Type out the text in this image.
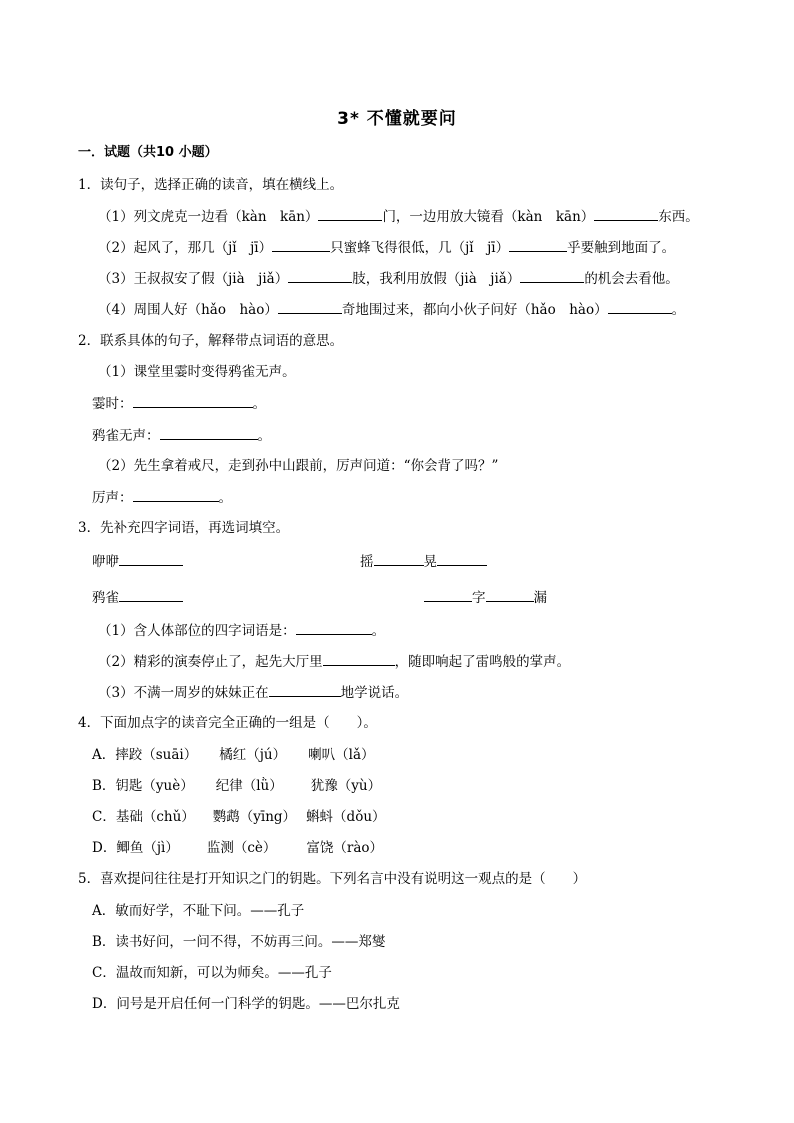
3* 不懂就要问
一．试题（共10 小题）
1．读句子，选择正确的读音，填在横线上。
（1）列文虎克一边看（kàn　kān）	门，一边用放大镜看（kàn　kān）	东西。
（2）起风了，那几（jǐ　jī）	只蜜蜂飞得很低，几（jǐ　jī）	乎要触到地面了。
（3）王叔叔安了假（jià　jiǎ）	肢，我利用放假（jià　jiǎ）	的机会去看他。
（4）周围人好（hǎo　hào）	奇地围过来，都向小伙子问好（hǎo　hào）	。
2．联系具体的句子，解释带点词语的意思。
（1）课堂里霎时变得鸦雀无声。
霎时：	。
鸦雀无声：	。
（2）先生拿着戒尺，走到孙中山跟前，厉声问道：“你会背了吗？”
厉声：	。
3．先补充四字词语，再选词填空。
咿咿	摇	晃
鸦雀	字	漏
（1）含人体部位的四字词语是：	。
（2）精彩的演奏停止了，起先大厅里	，随即响起了雷鸣般的掌声。
（3）不满一周岁的妹妹正在	地学说话。
4．下面加点字的读音完全正确的一组是（　　）。
A．摔跤（suāi） 橘红（jú） 喇叭（lǎ）
B．钥匙（yuè） 纪律（lǜ） 犹豫（yù）
C．基础（chǔ） 鹦鹉（yīng） 蝌蚪（dǒu）
D．鲫鱼（jì） 监测（cè） 富饶（rào）
5．喜欢提问往往是打开知识之门的钥匙。下列名言中没有说明这一观点的是（　　）
A．敏而好学，不耻下问。——孔子
B．读书好问，一问不得，不妨再三问。——郑燮
C．温故而知新，可以为师矣。——孔子
D．问号是开启任何一门科学的钥匙。——巴尔扎克
